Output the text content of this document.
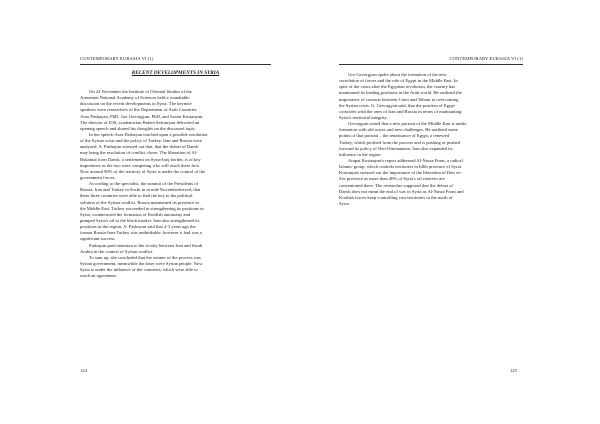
CONTEMPORARY EURASIA VI (1)
RECENT DEVELOPMENTS IN SYRIA
On 24 November the Institute of Oriental Studies of the
Armenian National Academy of Sciences held a roundtable
discussion on the recent developments in Syria. The keynote
speakers were researchers of the Department of Arab Countries
Arax Pashayan, PhD, Gor Gevorgyan, PhD, and Ararat Kostanyan.
The director of IOS, academician Ruben Safrastyan delivered an
opening speech and shared his thoughts on the discussed topic.
In her speech Arax Pashayan touched upon a possible resolution
of the Syrian crisis and the policy of Turkey. Iran and Russia were
analyzed. A. Pashayan stressed out that, that the defeat of Daesh
may bring the resolution of conflict closer. The liberation of Al-
Bukamal from Daesh, a settlement on Syria-Iraq border, is of key
importance as the two were competing who will reach there first.
Now around 90% of the territory of Syria is under the control of the
government forces.
According to the specialist, the summit of the Presidents of
Russia, Iran and Turkey in Sochi in in mid-Novemberbrived, that
these three countries were able to find the key to the political
solution of the Syrian conflict. Russia maintained its presence in
the Middle East. Turkey succeeded in strengthening its positions in
Syria, counteracted the formation of Kurdish autonomy and
pumped Syria's oil to the black market. Iran also strengthened its
positions in the region. A. Pashayan said that 2-3 years ago the
format Russia-Iran-Turkey was unthinkable, however it had was a
significant success.
Pashayan paid attention to the rivalry between Iran and Saudi
Arabia in the context of Syrian conflict.
To sum up, she concluded that the winner of the process was
Syrian government, meanwhile the loser were Syrian people. Now
Syria is under the influence of the countries, which were able to
reach an agreement.
124
CONTEMPORARY EURASIA VI (1)
Gor Gevorgyan spoke about the formation of the new
correlation of forces and the role of Egypt in the Middle East. In
spite of the crisis after the Egyptian revolution, the country has
maintained its leading positions in the Arab world. He outlined the
importance of contacts between Cairo and Tehran in overcoming
the Syrian crisis. G. Gevorgyan said, that the position of Egypt
coincides with the ones of Iran and Russia in terms of maintaining
Syria's territorial integrity.
Gevorgyan stated that a new portrait of the Middle East is under
formation with old actors and new challenges. He outlined some
points of that portrait – the renaissance of Egypt, a renewed
Turkey, which profited from the process and is pushing or pushed
forward its policy of Neo-Ottomanism. Iran also expanded its
influence in the region.
Arарat Kostanyan's report addressed Al-Nusra Front, a radical
Islamic group, which controls territories in Idlib province of Syria.
Kostanyan stressed out the importance of the liberation of Deir ez-
Zor province as more than 40% of Syria's oil reserves are
concentrated there. The researcher supposed that the defeat of
Daesh does not mean the end of war in Syria as Al-Nusra Front and
Kurdish forces keep controlling vast territories in the north of
Syria.
125
